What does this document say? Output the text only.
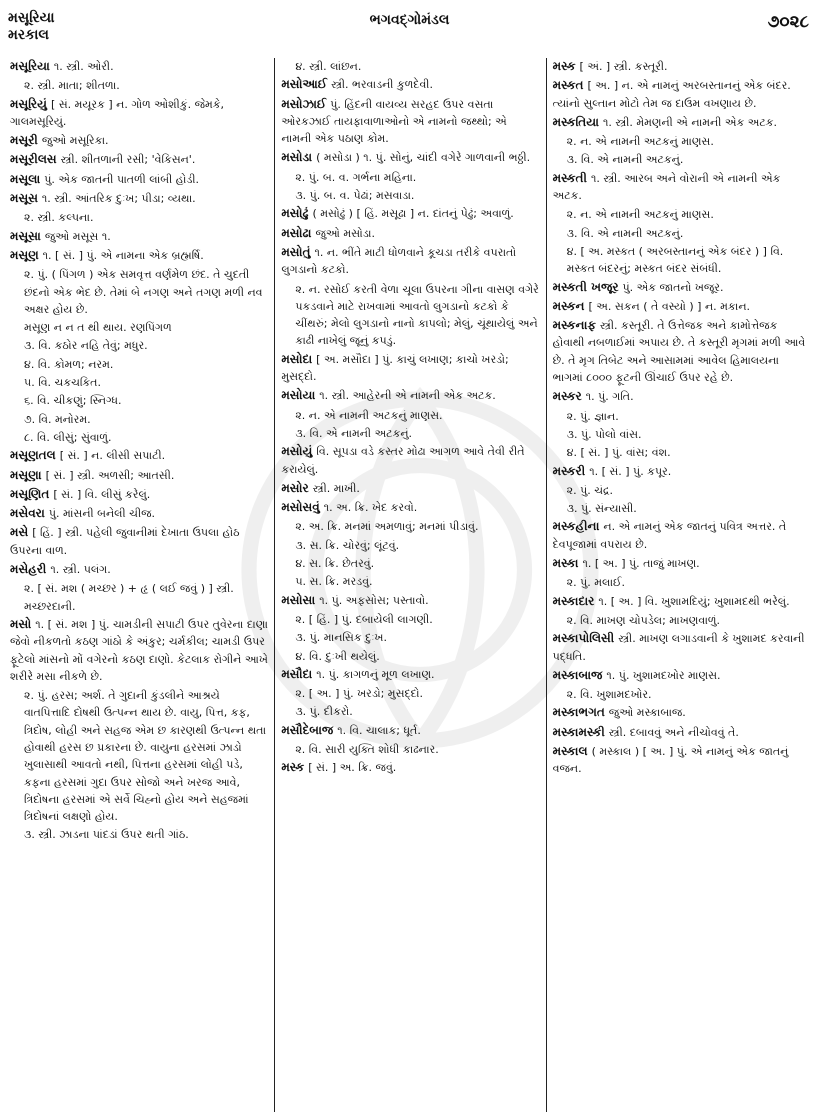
મસૂરિયા
મરકાલ
ભગવદ્ગોમંડલ	૭૦૨૮
મસૂરિયા ૧. સ્ત્રી. ઓરી.
૨. સ્ત્રી. માતા; શીતળા.
મસૂરિયું [ સં. મયૂરક ] ન. ગોળ ઓશીકું. જેમકે, ગાલમસૂરિયું.
મસૂરી જુઓ મસૂરિકા.
મસૂરીલસ સ્ત્રી. શીતળાની રસી; 'વેકિસન'.
મસૂલા પું. એક જાતની પાતળી લાંબી હોડી.
મસૂસ ૧. સ્ત્રી. આંતરિક દુઃખ; પીડા; વ્યથા.
૨. સ્ત્રી. કલ્પના.
મસૂસા જુઓ મસૂસ ૧.
મસૂણ ૧. [ સં. ] પું. એ નામના એક બ્રહ્મર્ષિ.
૨. પું. ( પિંગળ ) એક સમવૃત્ત વર્ણમેળ છંદ. તે ચુદતી છંદનો એક ભેદ છે. તેમાં બે નગણ અને તગણ મળી નવ અક્ષર હોય છે.
મસૂણ ન ન ત થી થાય. રણપિંગળ
૩. વિ. કઠોર નહિ તેવું; મધુર.
૪. વિ. કોમળ; નરમ.
૫. વિ. ચકચકિત.
૬. વિ. ચીકણું; સ્નિગ્ધ.
૭. વિ. મનોરમ.
૮. વિ. લીસું; સુંવાળું.
મસૂણતલ [ સં. ] ન. લીસી સપાટી.
મસૂણા [ સં. ] સ્ત્રી. અળસી; આતસી.
મસૂણિત [ સં. ] વિ. લીસું કરેલું.
મસેવરા પું. માંસની બનેલી ચીજ.
મસે [ હિં. ] સ્ત્રી. પહેલી જુવાનીમાં દેખાતા ઉપલા હોઠ ઉપરના વાળ.
મસેહરી ૧. સ્ત્રી. પલંગ.
૨. [ સં. મશ ( મચ્છર ) + હૃ ( લઈ જવું ) ] સ્ત્રી. મચ્છરદાની.
મસો ૧. [ સં. મશ ] પું. ચામડીની સપાટી ઉપર તુવેરના દાણા જેવો નીકળતો કઠણ ગાંઠો કે અંકુર; ચર્મકીલ; ચામડી ઉપર ફૂટેલો માંસનો મોં વગેરનો કઠણ દાણો. કેટલાક રોગીને આખે શરીરે મસા નીકળે છે.
૨. પું. હરસ; અર્શ. તે ગુદાની કુંડલીને આશ્રયે વાતપિત્તાદિ દોષથી ઉત્પન્ન થાય છે. વાયુ, પિત્ત, કફ, ત્રિદોષ, લોહી અને સહજ એમ છ કારણથી ઉત્પન્ન થતા હોવાથી હરસ છ પ્રકારના છે. વાયુના હરસમાં ઝાડો ખુલાસાથી આવતો નથી, પિત્તના હરસમાં લોહી પડે, કફના હરસમાં ગુદા ઉપર સોજો અને ખરજ આવે, ત્રિદોષના હરસમાં એ સર્વે ચિહ્નો હોય અને સહજમાં ત્રિદોષનાં લક્ષણો હોય.
૩. સ્ત્રી. ઝાડના પાંદડાં ઉપર થતી ગાંઠ.
૪. સ્ત્રી. લાંછન.
મસોઆઈ સ્ત્રી. ભરવાડની કુળદેવી.
મસોઝાઈ પું. હિંદની વાયવ્ય સરહદ ઉપર વસતા ઓરકઝાઈ તાયફાવાળાઓનો એ નામનો જથ્થો; એ નામની એક પઠાણ કોમ.
મસોડા ( મસોડા ) ૧. પું. સોનું, ચાંદી વગેરે ગાળવાની ભઠ્ઠી.
૨. પું. બ. વ. ગર્ભના મહિના.
૩. પું. બ. વ. પેઢાં; મસવાડા.
મસોઢું ( મસોઢું ) [ હિં. મસૂઢા ] ન. દાંતનું પેઢું; અવાળું.
મસોઢા જુઓ મસોડા.
મસોતું ૧. ન. ભીંતે માટી ધોળવાને કૂચડા તરીકે વપરાતો લુગડાનો કટકો.
૨. ન. રસોઈ કરતી વેળા ચૂલા ઉપરના ગીના વાસણ વગેરે પકડવાને માટે રાખવામાં આવતો લુગડાનો કટકો કે ચીંથરું; મેલો લુગડાનો નાનો કાપલો; મેલું, ચૂંથાયેલું અને કાઢી નાખેલું જૂનું કપડું.
મસોદા [ અ. મસૌદા ] પું. કાચું લખાણ; કાચો ખરડો; મુસદ્દો.
મસોયા ૧. સ્ત્રી. આહેરની એ નામની એક અટક.
૨. ન. એ નામની અટકનું માણસ.
૩. વિ. એ નામની અટકનું.
મસોયું વિ. સૂપડા વડે કસ્તર મોઢા આગળ આવે તેવી રીતે કરાયેલું.
મસોર સ્ત્રી. માખી.
મસોસવું ૧. અ. ક્રિ. ખેદ કરવો.
૨. અ. ક્રિ. મનમાં અમળાવું; મનમાં પીડાવું.
૩. સ. ક્રિ. ચોરવું; લૂંટવું.
૪. સ. ક્રિ. છેતરવું.
૫. સ. ક્રિ. મરડવું.
મસોસા ૧. પું. અફસોસ; પસ્તાવો.
૨. [ હિં. ] પું. દબાયેલી લાગણી.
૩. પું. માનસિક દુઃખ.
૪. વિ. દુઃખી થયેલું.
મસૌદા ૧. પું. કાગળનું મૂળ લખાણ.
૨. [ અ. ] પું. ખરડો; મુસદ્દો.
૩. પું. દીકરો.
મસૌદેબાજ ૧. વિ. ચાલાક; ધૂર્ત.
૨. વિ. સારી યુક્તિ શોધી કાઢનાર.
મસ્ક [ સં. ] અ. ક્રિ. જવું.
મસ્ક [ અં. ] સ્ત્રી. કસ્તૂરી.
મસ્કત [ અ. ] ન. એ નામનું અરબસ્તાનનું એક બંદર. ત્યાંનો સુલ્તાન મોટો તેમ જ દાઉમ વખણાય છે.
મસ્કતિયા ૧. સ્ત્રી. મેમણની એ નામની એક અટક.
૨. ન. એ નામની અટકનું માણસ.
૩. વિ. એ નામની અટકનું.
મસ્કતી ૧. સ્ત્રી. આરબ અને વોરાની એ નામની એક અટક.
૨. ન. એ નામની અટકનું માણસ.
૩. વિ. એ નામની અટકનું.
૪. [ અ. મસ્કત ( અરબસ્તાનનું એક બંદર ) ] વિ. મસ્કત બંદરનું; મસ્કત બંદર સંબંધી.
મસ્કતી ખજૂર પું. એક જાતનો ખજૂર.
મસ્કન [ અ. સકન ( તે વસ્યો ) ] ન. મકાન.
મસ્કનાફ સ્ત્રી. કસ્તૂરી. તે ઉત્તેજક અને કામોત્તેજક હોવાથી નબળાઈમાં અપાય છે. તે કસ્તૂરી મૃગમાં મળી આવે છે. તે મૃગ તિબેટ અને આસામમાં આવેલ હિમાલયના ભાગમાં ૮૦૦૦ ફૂટની ઊંચાઈ ઉપર રહે છે.
મસ્કર ૧. પું. ગતિ.
૨. પું. જ્ઞાન.
૩. પું. પોલો વાંસ.
૪. [ સં. ] પું. વાંસ; વંશ.
મસ્કરી ૧. [ સં. ] પું. કપૂર.
૨. પું. ચંદ્ર.
૩. પું. સંન્યાસી.
મસ્કહીના ન. એ નામનું એક જાતનું પવિત્ર અત્તર. તે દેવપૂજામાં વપરાય છે.
મસ્કા ૧. [ અ. ] પું. તાજું માખણ.
૨. પું. મલાઈ.
મસ્કાદાર ૧. [ અ. ] વિ. ખુશામદિયું; ખુશામદથી ભરેલું.
૨. વિ. માખણ ચોપડેલ; માખણવાળું.
મસ્કાપોલિસી સ્ત્રી. માખણ લગાડવાની કે ખુશામદ કરવાની પદ્ધતિ.
મસ્કાબાજ ૧. પું. ખુશામદખોર માણસ.
૨. વિ. ખુશામદખોર.
મસ્કાભગત જુઓ મસ્કાબાજ.
મસ્કામસ્કી સ્ત્રી. દબાવવું અને નીચોવવું તે.
મસ્કાલ ( મસ્કાલ ) [ અ. ] પું. એ નામનું એક જાતનું વજન.
